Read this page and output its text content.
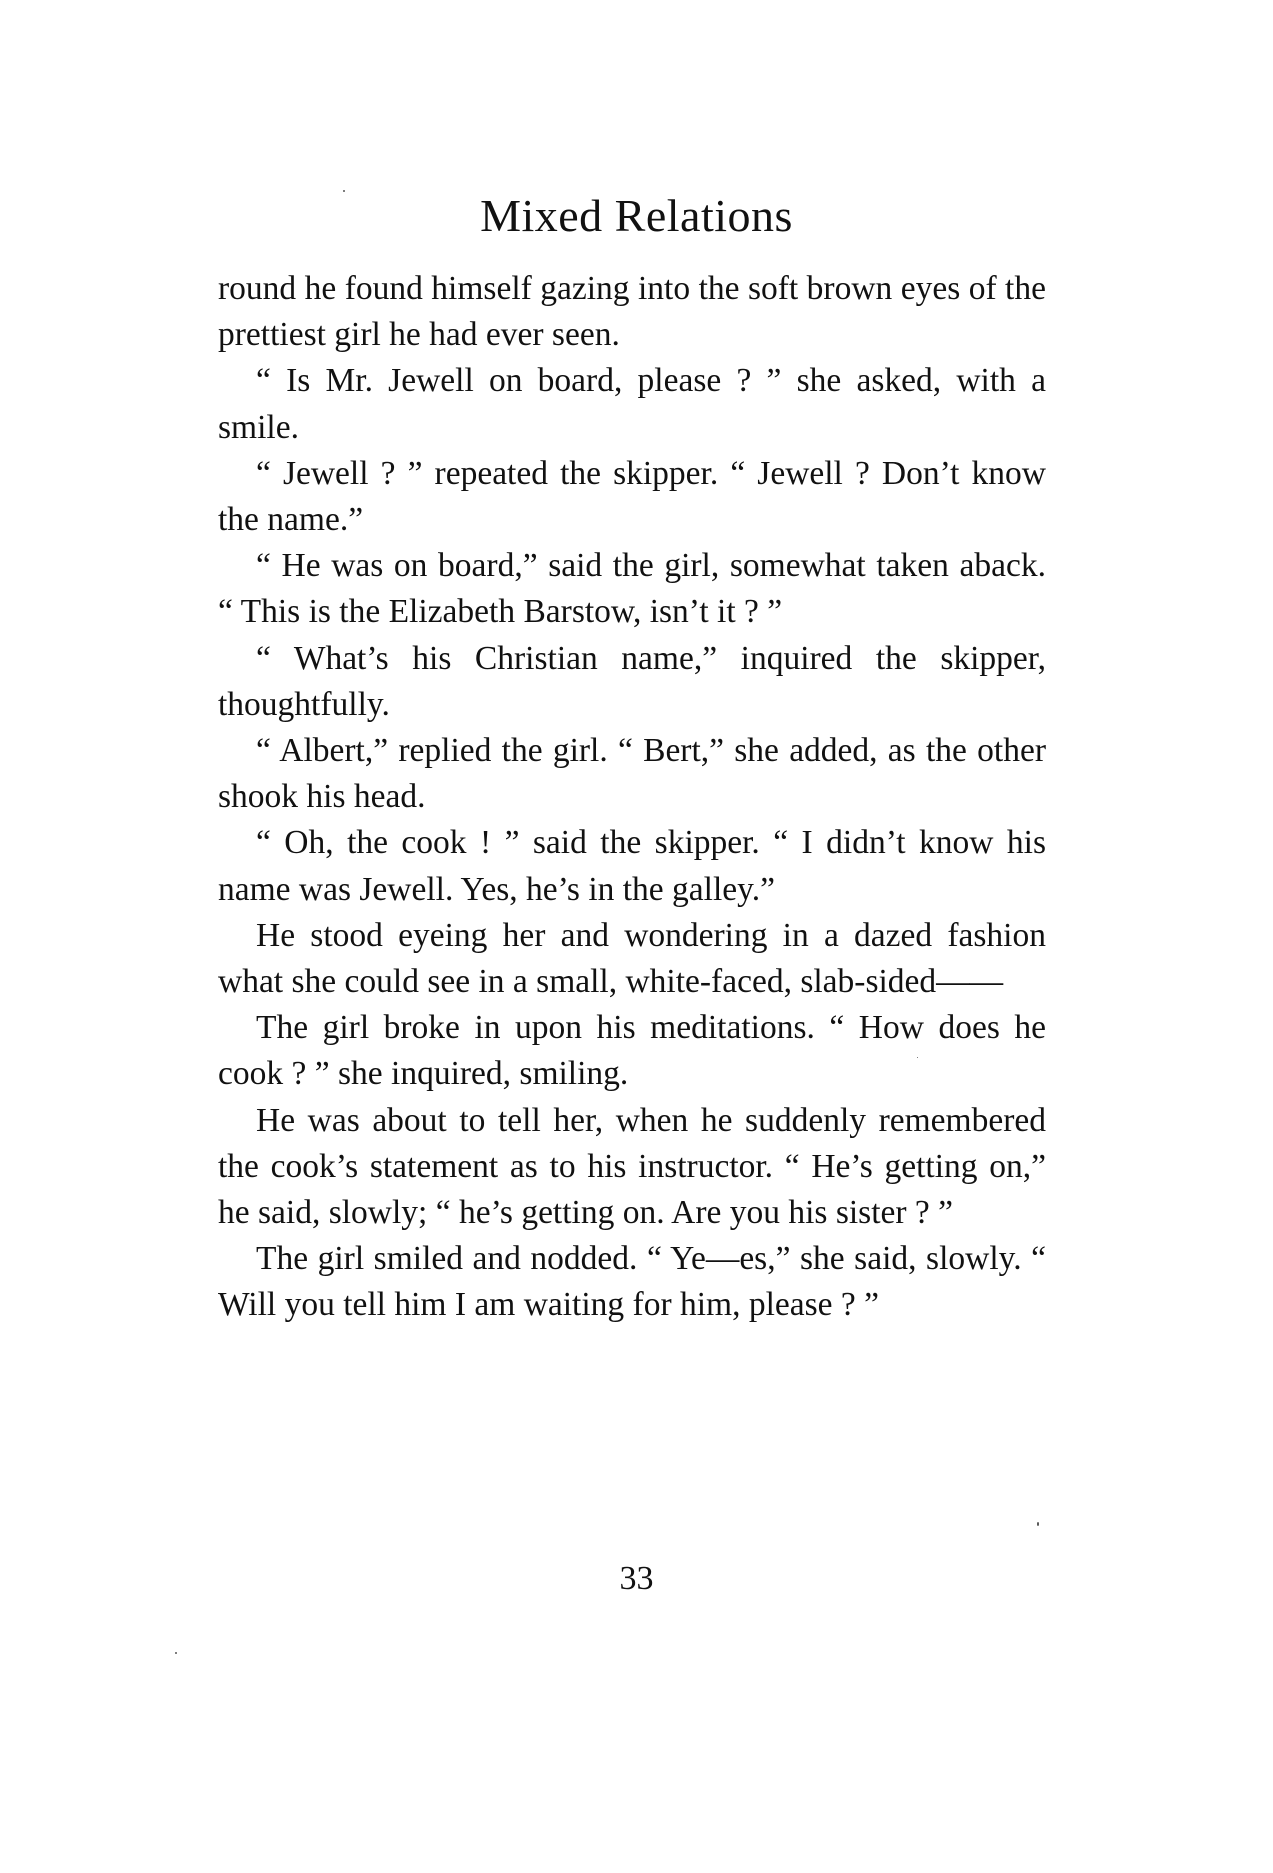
Mixed Relations

round he found himself gazing into the soft brown eyes of the prettiest girl he had ever seen.

“ Is Mr. Jewell on board, please ? ” she asked, with a smile.

“ Jewell ? ” repeated the skipper. “ Jewell ? Don’t know the name.”

“ He was on board,” said the girl, somewhat taken aback. “ This is the Elizabeth Barstow, isn’t it ? ”

“ What’s his Christian name,” inquired the skipper, thoughtfully.

“ Albert,” replied the girl. “ Bert,” she added, as the other shook his head.

“ Oh, the cook ! ” said the skipper. “ I didn’t know his name was Jewell. Yes, he’s in the galley.”

He stood eyeing her and wondering in a dazed fashion what she could see in a small, white-faced, slab-sided——

The girl broke in upon his meditations. “ How does he cook ? ” she inquired, smiling.

He was about to tell her, when he suddenly remembered the cook’s statement as to his instructor. “ He’s getting on,” he said, slowly; “ he’s getting on. Are you his sister ? ”

The girl smiled and nodded. “ Ye—es,” she said, slowly. “ Will you tell him I am waiting for him, please ? ”

33
